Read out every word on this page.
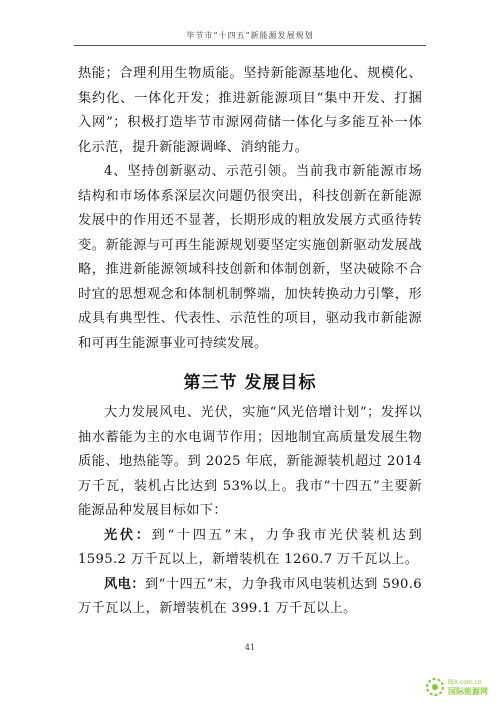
毕节市“十四五”新能源发展规划

热能；合理利用生物质能。坚持新能源基地化、规模化、集约化、一体化开发；推进新能源项目“集中开发、打捆入网”；积极打造毕节市源网荷储一体化与多能互补一体化示范，提升新能源调峰、消纳能力。

4、坚持创新驱动、示范引领。当前我市新能源市场结构和市场体系深层次问题仍很突出，科技创新在新能源发展中的作用还不显著，长期形成的粗放发展方式亟待转变。新能源与可再生能源规划要坚定实施创新驱动发展战略，推进新能源领域科技创新和体制创新，坚决破除不合时宜的思想观念和体制机制弊端，加快转换动力引擎，形成具有典型性、代表性、示范性的项目，驱动我市新能源和可再生能源事业可持续发展。

第三节 发展目标

大力发展风电、光伏，实施“风光倍增计划”；发挥以抽水蓄能为主的水电调节作用；因地制宜高质量发展生物质能、地热能等。到 2025 年底，新能源装机超过 2014 万千瓦，装机占比达到 53%以上。我市“十四五”主要新能源品种发展目标如下：

光伏：到“十四五”末，力争我市光伏装机达到 1595.2 万千瓦以上，新增装机在 1260.7 万千瓦以上。

风电：到“十四五”末，力争我市风电装机达到 590.6 万千瓦以上，新增装机在 399.1 万千瓦以上。

41
BJX.com.cn
国际能源网
